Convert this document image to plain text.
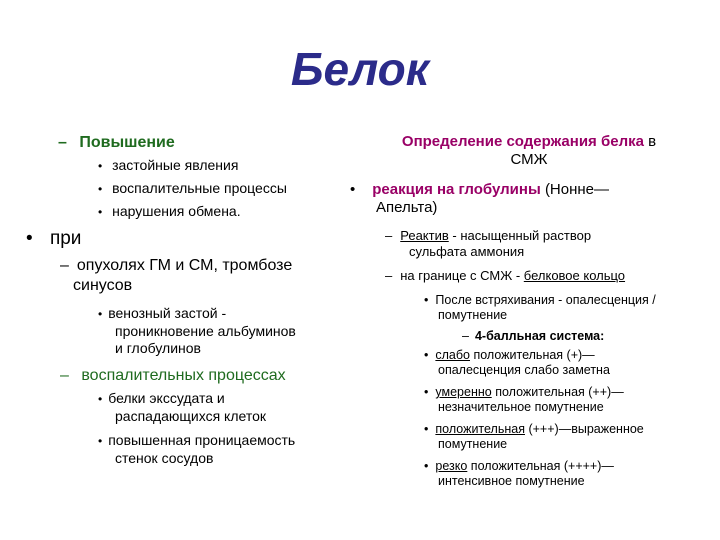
Белок
– Повышение
• застойные явления
• воспалительные процессы
• нарушения обмена.
• при
– опухолях ГМ и СМ, тромбозе
синусов
• венозный застой -
проникновение альбуминов
и глобулинов
– воспалительных процессах
• белки экссудата и
распадающихся клеток
• повышенная проницаемость
стенок сосудов
Определение содержания белка в
СМЖ
• реакция на глобулины (Нонне—
Апельта)
– Реактив - насыщенный раствор
сульфата аммония
– на границе с СМЖ - белковое кольцо
• После встряхивания - опалесценция /
помутнение
– 4-балльная система:
• слабо положительная (+)—
опалесценция слабо заметна
• умеренно положительная (++)—
незначительное помутнение
• положительная (+++)—выраженное
помутнение
• резко положительная (++++)—
интенсивное помутнение
